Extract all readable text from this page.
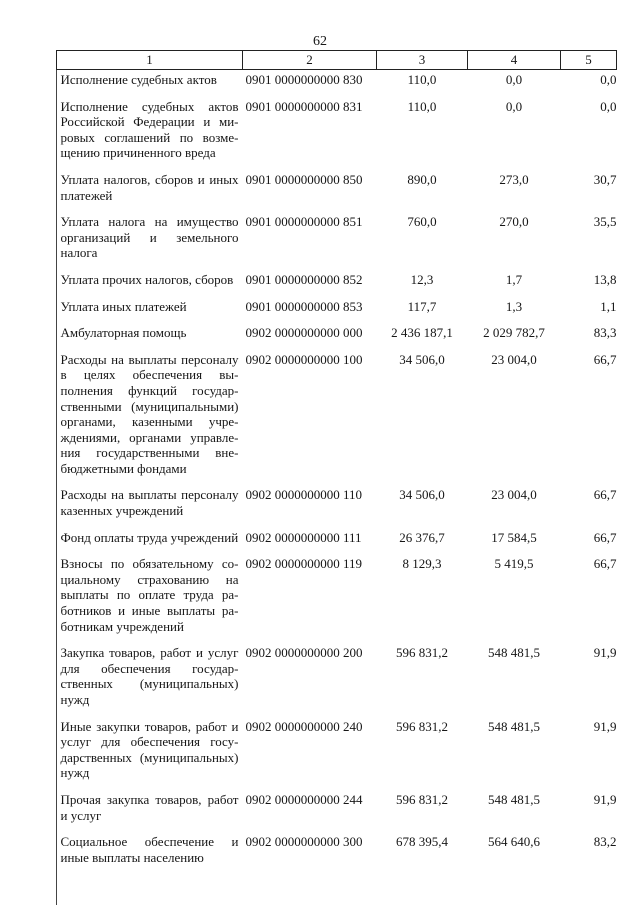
62
1	2	3	4	5
Исполнение судебных актов	0901 0000000000 830	110,0	0,0	0,0
Исполнение судебных актов Российской Федерации и мировых соглашений по возмещению причиненного вреда	0901 0000000000 831	110,0	0,0	0,0
Уплата налогов, сборов и иных платежей	0901 0000000000 850	890,0	273,0	30,7
Уплата налога на имущество организаций и земельного налога	0901 0000000000 851	760,0	270,0	35,5
Уплата прочих налогов, сборов	0901 0000000000 852	12,3	1,7	13,8
Уплата иных платежей	0901 0000000000 853	117,7	1,3	1,1
Амбулаторная помощь	0902 0000000000 000	2 436 187,1	2 029 782,7	83,3
Расходы на выплаты персоналу в целях обеспечения выполнения функций государственными (муниципальными) органами, казенными учреждениями, органами управления государственными внебюджетными фондами	0902 0000000000 100	34 506,0	23 004,0	66,7
Расходы на выплаты персоналу казенных учреждений	0902 0000000000 110	34 506,0	23 004,0	66,7
Фонд оплаты труда учреждений	0902 0000000000 111	26 376,7	17 584,5	66,7
Взносы по обязательному социальному страхованию на выплаты по оплате труда работников и иные выплаты работникам учреждений	0902 0000000000 119	8 129,3	5 419,5	66,7
Закупка товаров, работ и услуг для обеспечения государственных (муниципальных) нужд	0902 0000000000 200	596 831,2	548 481,5	91,9
Иные закупки товаров, работ и услуг для обеспечения государственных (муниципальных) нужд	0902 0000000000 240	596 831,2	548 481,5	91,9
Прочая закупка товаров, работ и услуг	0902 0000000000 244	596 831,2	548 481,5	91,9
Социальное обеспечение и иные выплаты населению	0902 0000000000 300	678 395,4	564 640,6	83,2
